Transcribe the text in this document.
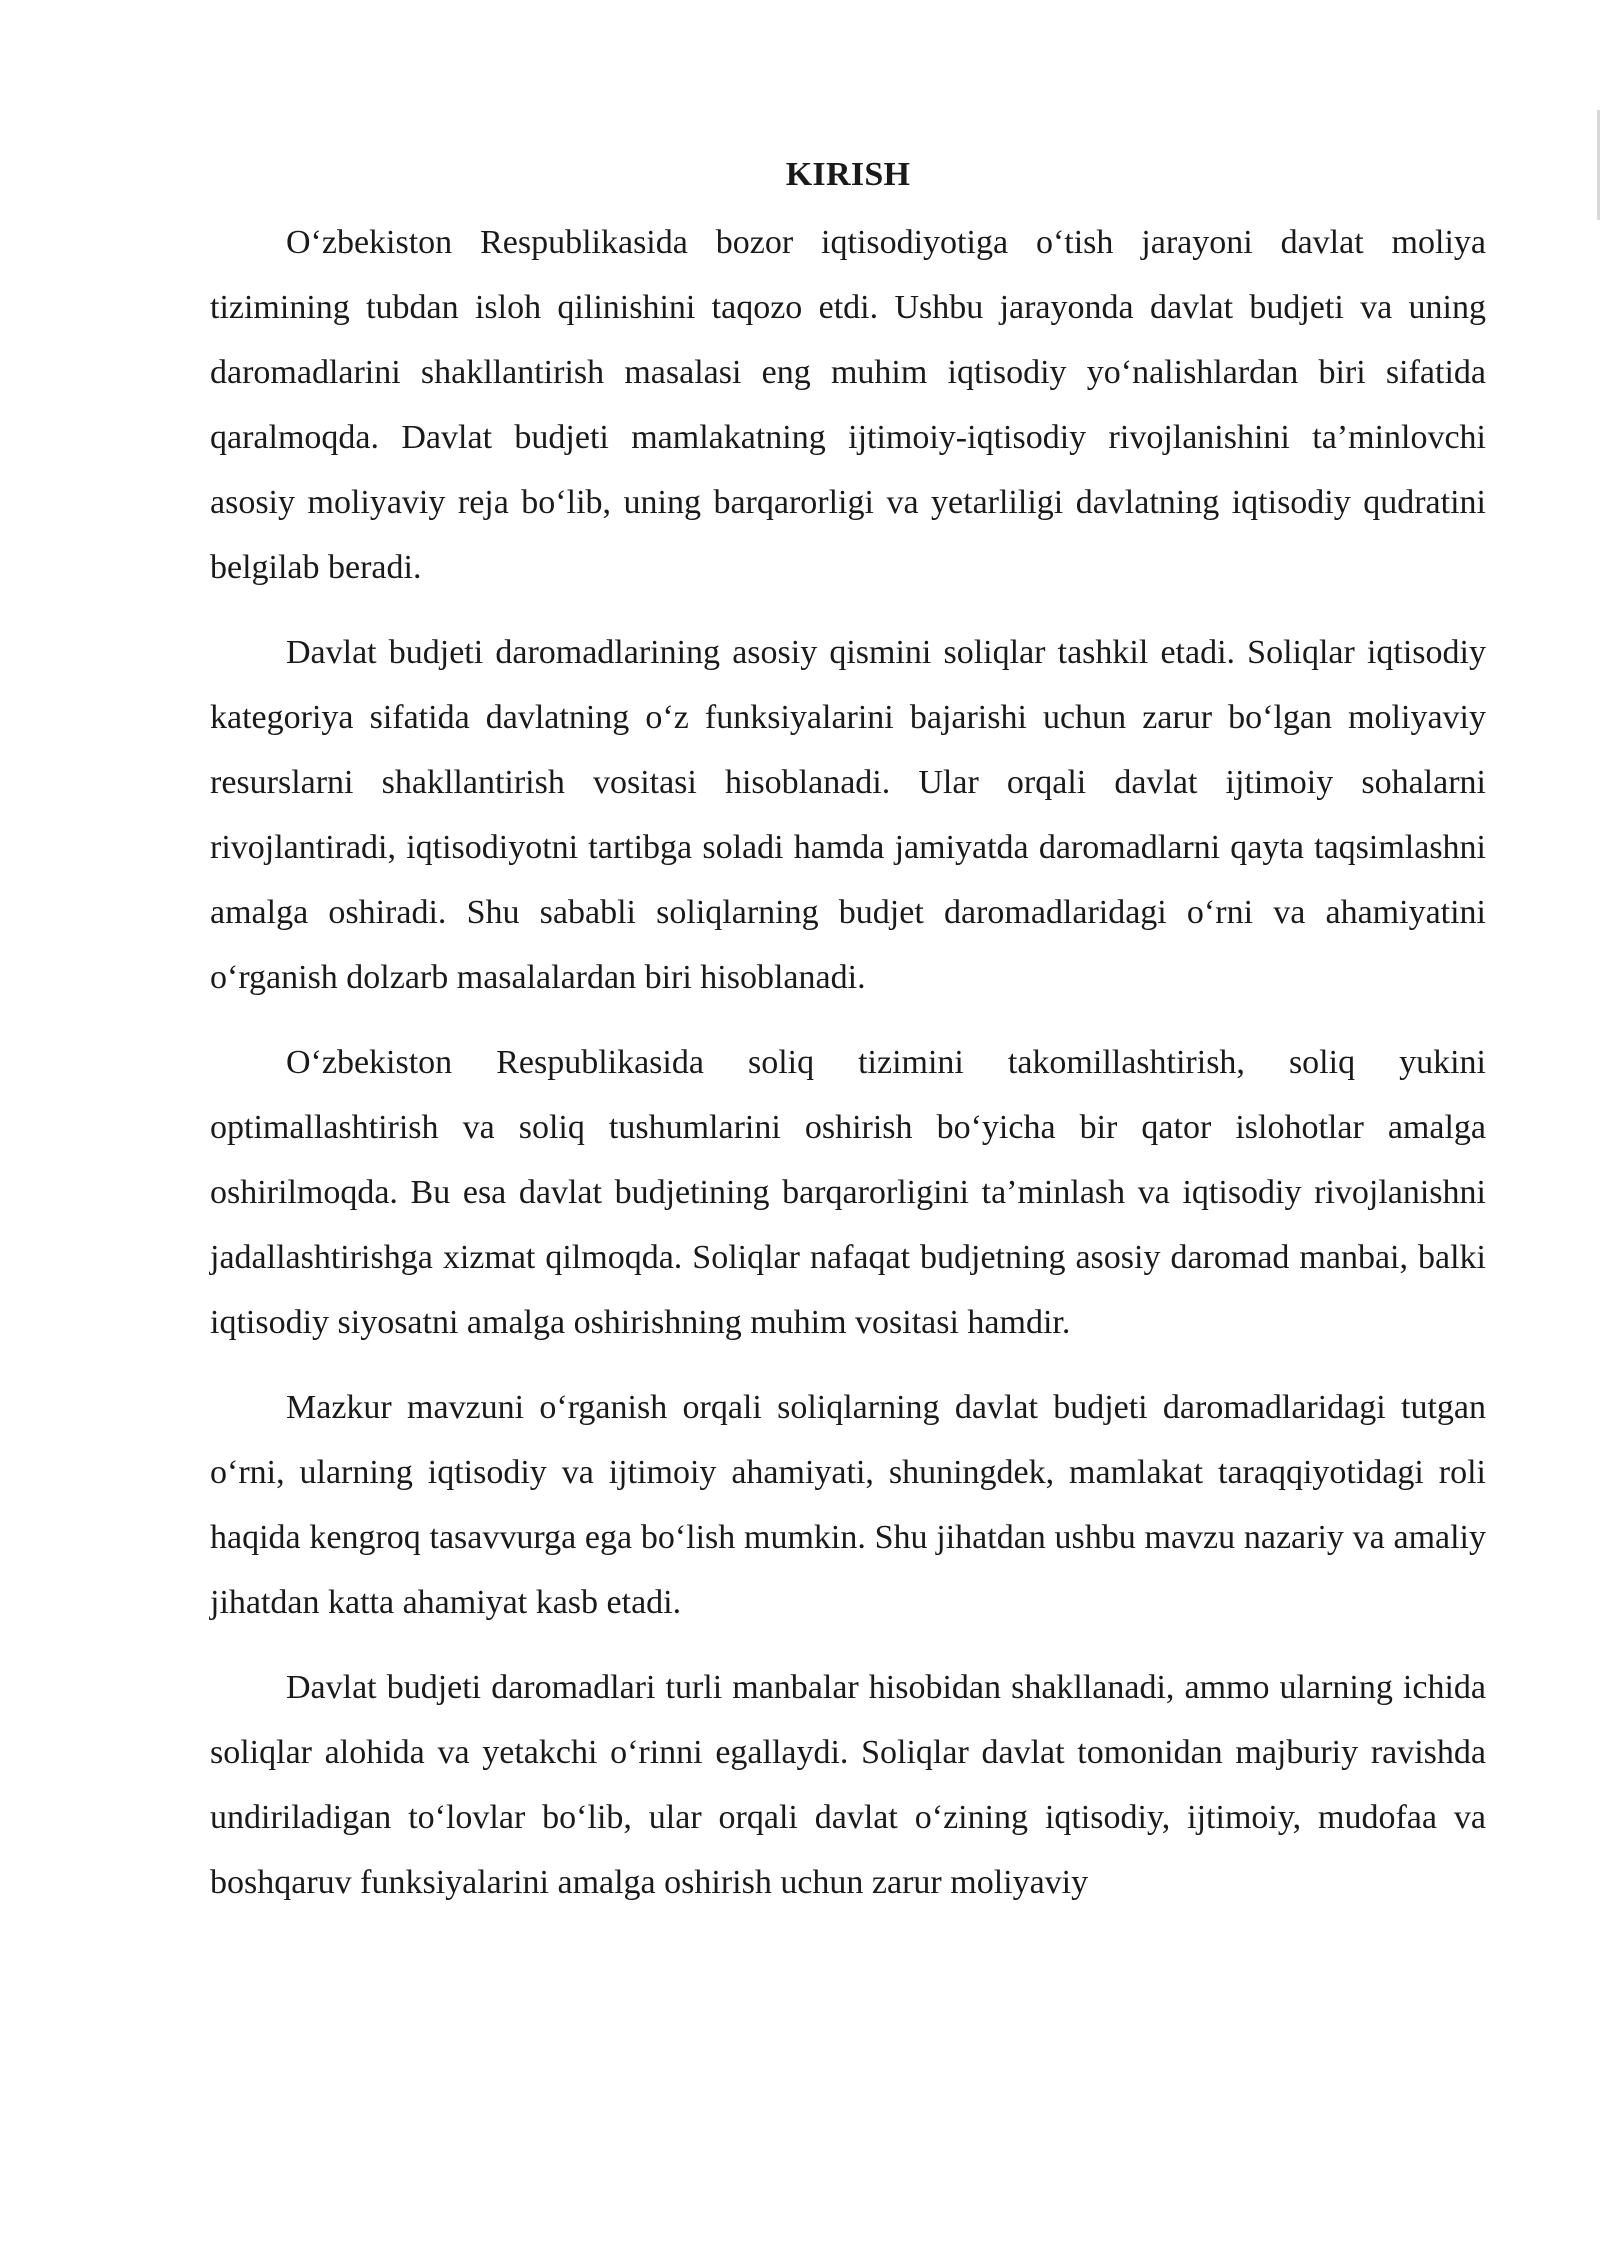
KIRISH

O‘zbekiston Respublikasida bozor iqtisodiyotiga o‘tish jarayoni davlat moliya tizimining tubdan isloh qilinishini taqozo etdi. Ushbu jarayonda davlat budjeti va uning daromadlarini shakllantirish masalasi eng muhim iqtisodiy yo‘nalishlardan biri sifatida qaralmoqda. Davlat budjeti mamlakatning ijtimoiy-iqtisodiy rivojlanishini ta’minlovchi asosiy moliyaviy reja bo‘lib, uning barqarorligi va yetarliligi davlatning iqtisodiy qudratini belgilab beradi.

Davlat budjeti daromadlarining asosiy qismini soliqlar tashkil etadi. Soliqlar iqtisodiy kategoriya sifatida davlatning o‘z funksiyalarini bajarishi uchun zarur bo‘lgan moliyaviy resurslarni shakllantirish vositasi hisoblanadi. Ular orqali davlat ijtimoiy sohalarni rivojlantiradi, iqtisodiyotni tartibga soladi hamda jamiyatda daromadlarni qayta taqsimlashni amalga oshiradi. Shu sababli soliqlarning budjet daromadlaridagi o‘rni va ahamiyatini o‘rganish dolzarb masalalardan biri hisoblanadi.

O‘zbekiston Respublikasida soliq tizimini takomillashtirish, soliq yukini optimallashtirish va soliq tushumlarini oshirish bo‘yicha bir qator islohotlar amalga oshirilmoqda. Bu esa davlat budjetining barqarorligini ta’minlash va iqtisodiy rivojlanishni jadallashtirishga xizmat qilmoqda. Soliqlar nafaqat budjetning asosiy daromad manbai, balki iqtisodiy siyosatni amalga oshirishning muhim vositasi hamdir.

Mazkur mavzuni o‘rganish orqali soliqlarning davlat budjeti daromadlaridagi tutgan o‘rni, ularning iqtisodiy va ijtimoiy ahamiyati, shuningdek, mamlakat taraqqiyotidagi roli haqida kengroq tasavvurga ega bo‘lish mumkin. Shu jihatdan ushbu mavzu nazariy va amaliy jihatdan katta ahamiyat kasb etadi.

Davlat budjeti daromadlari turli manbalar hisobidan shakllanadi, ammo ularning ichida soliqlar alohida va yetakchi o‘rinni egallaydi. Soliqlar davlat tomonidan majburiy ravishda undiriladigan to‘lovlar bo‘lib, ular orqali davlat o‘zining iqtisodiy, ijtimoiy, mudofaa va boshqaruv funksiyalarini amalga oshirish uchun zarur moliyaviy
